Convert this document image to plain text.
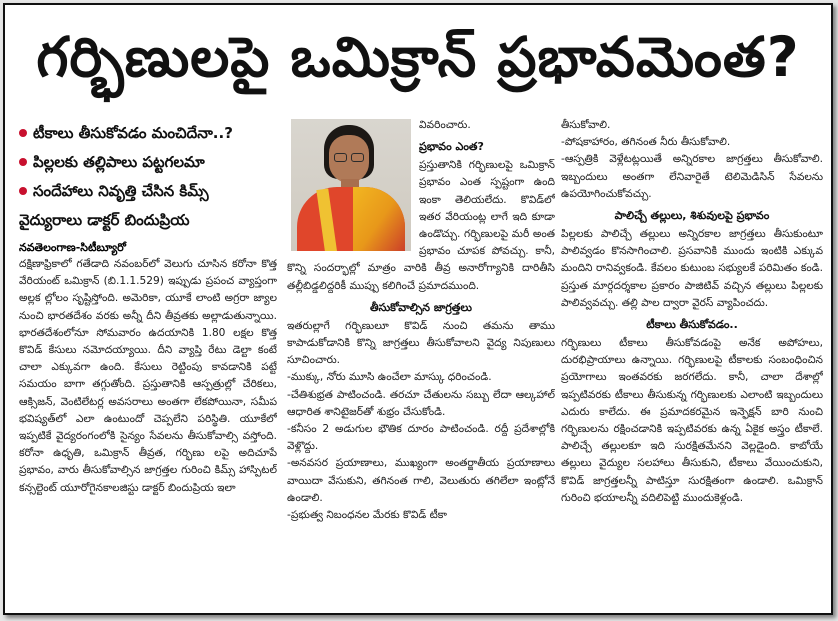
గర్భిణులపై ఒమిక్రాన్ ప్రభావమెంత?
టీకాలు తీసుకోవడం మంచిదేనా..?
పిల్లలకు తల్లిపాలు పట్టగలమా
సందేహాలు నివృత్తి చేసిన కిమ్స్
వైద్యురాలు డాక్టర్ బిందుప్రియ
నవతెలంగాణ-సిటీబ్యూరో

దక్షిణాఫ్రికాలో గతేడాది నవంబర్‌లో వెలుగు చూసిన కరోనా కొత్త వేరియంట్ ఒమిక్రాన్ (బి.1.1.529) ఇప్పుడు ప్రపంచ వ్యాప్తంగా అల్లక ల్లోలం సృష్టిస్తోంది. అమెరికా, యూకే లాంటి అగ్రరా జ్యాల నుంచి భారతదేశం వరకు అన్నీ దీని తీవ్రతకు అల్లాడుతున్నాయి. భారతదేశంలోనూ సోమవారం ఉదయానికి 1.80 లక్షల కొత్త కొవిడ్ కేసులు నమోదయ్యాయి. దీని వ్యాప్తి రేటు డెల్టా కంటే చాలా ఎక్కువగా ఉంది. కేసులు రెట్టింపు కావడానికి పట్టే సమయం బాగా తగ్గుతోంది. ప్రస్తుతానికి ఆస్పత్రుల్లో చేరికలు, ఆక్సిజన్, వెంటిలేటర్ల అవసరాలు అంతగా లేకపోయినా, సమీప భవిష్యత్‌లో ఎలా ఉంటుందో చెప్పలేని పరిస్థితి. యూకేలో ఇప్పటికే వైద్యరంగంలోకి సైన్యం సేవలను తీసుకోవాల్సి వస్తోంది. కరోనా ఉధృతి, ఒమిక్రాన్ తీవ్రత, గర్భిణు లపై అదిచూపే ప్రభావం, వారు తీసుకోవాల్సిన జాగ్రత్తల గురించి కిమ్స్ హాస్పిటల్ కన్సల్టెంట్ యూరోగైనకాలజిస్టు డాక్టర్ బిందుప్రియ ఇలా

వివరించారు.

ప్రభావం ఎంత?

ప్రస్తుతానికి గర్భిణులపై ఒమిక్రాన్ ప్రభావం ఎంత స్పష్టంగా ఉంది ఇంకా తెలియలేదు. కొవిడ్‌లో ఇతర వేరియంట్ల లాగే ఇది కూడా ఉండొచ్చు. గర్భిణులపై మరీ అంత ప్రభావం చూపక పోవచ్చు. కానీ, కొన్ని సందర్భాల్లో మాత్రం వారికి తీవ్ర అనారోగ్యానికి దారితీసి తల్లీబిడ్డలిద్దరికీ ముప్పు కలిగించే ప్రమాదముంది.

తీసుకోవాల్సిన జాగ్రత్తలు

ఇతరుల్లాగే గర్భిణులూ కొవిడ్ నుంచి తమను తాము కాపాడుకోడానికి కొన్ని జాగ్రత్తలు తీసుకోవాలని వైద్య నిపుణులు సూచించారు.

-ముక్కు, నోరు మూసి ఉంచేలా మాస్కు ధరించండి.

-చేతిశుభ్రత పాటించండి. తరచూ చేతులను సబ్బు లేదా ఆల్కహాల్ ఆధారిత శానిటైజర్‌తో శుభ్రం చేసుకోండి.

-కనీసం 2 అడుగుల భౌతిక దూరం పాటించండి. రద్దీ ప్రదేశాల్లోకి వెళ్లొద్దు.

-అనవసర ప్రయాణాలు, ముఖ్యంగా అంతర్జాతీయ ప్రయాణాలు వాయిదా వేసుకుని, తగినంత గాలి, వెలుతురు తగిలేలా ఇంట్లోనే ఉండాలి.

-ప్రభుత్వ నిబంధనల మేరకు కొవిడ్ టీకా

తీసుకోవాలి.

-పోషకాహారం, తగినంత నీరు తీసుకోవాలి.

-ఆస్పత్రికి వెళ్లేటట్లయితే అన్నిరకాల జాగ్రత్తలు తీసుకోవాలి. ఇబ్బందులు అంతగా లేనివారైతే టెలిమెడిసిన్ సేవలను ఉపయోగించుకోవచ్చు.

పాలిచ్చే తల్లులు, శిశువులపై ప్రభావం

పిల్లలకు పాలిచ్చే తల్లులు అన్నిరకాల జాగ్రత్తలు తీసుకుంటూ పాలివ్వడం కొనసాగించాలి. ప్రసవానికి ముందు ఇంటికి ఎక్కువ మందిని రానివ్వకండి. కేవలం కుటుంబ సభ్యులకే పరిమితం కండి. ప్రస్తుత మార్గదర్శకాల ప్రకారం పాజిటివ్ వచ్చిన తల్లులు పిల్లలకు పాలివ్వవచ్చు. తల్లి పాల ద్వారా వైరస్ వ్యాపించదు.

టీకాలు తీసుకోవడం..

గర్భిణులు టీకాలు తీసుకోవడంపై అనేక అపోహలు, దురభిప్రాయాలు ఉన్నాయి. గర్భిణులపై టీకాలకు సంబంధించిన ప్రయోగాలు ఇంతవరకు జరగలేదు. కానీ, చాలా దేశాల్లో ఇప్పటివరకు టీకాలు తీసుకున్న గర్భిణులకు ఎలాంటి ఇబ్బందులు ఎదురు కాలేదు. ఈ ప్రమాదకరమైన ఇన్ఫెక్షన్ బారి నుంచి గర్భిణులను రక్షించడానికి ఇప్పటివరకు ఉన్న ఏకైక అస్త్రం టీకాలే. పాలిచ్చే తల్లులకూ ఇది సురక్షితమేనని వెల్లడైంది. కాబోయే తల్లులు వైద్యుల సలహాలు తీసుకుని, టీకాలు వేయించుకుని, కొవిడ్ జాగ్రత్తలన్నీ పాటిస్తూ సురక్షితంగా ఉండాలి. ఒమిక్రాన్ గురించి భయాలన్నీ వదిలిపెట్టి ముందుకెళ్లండి.
